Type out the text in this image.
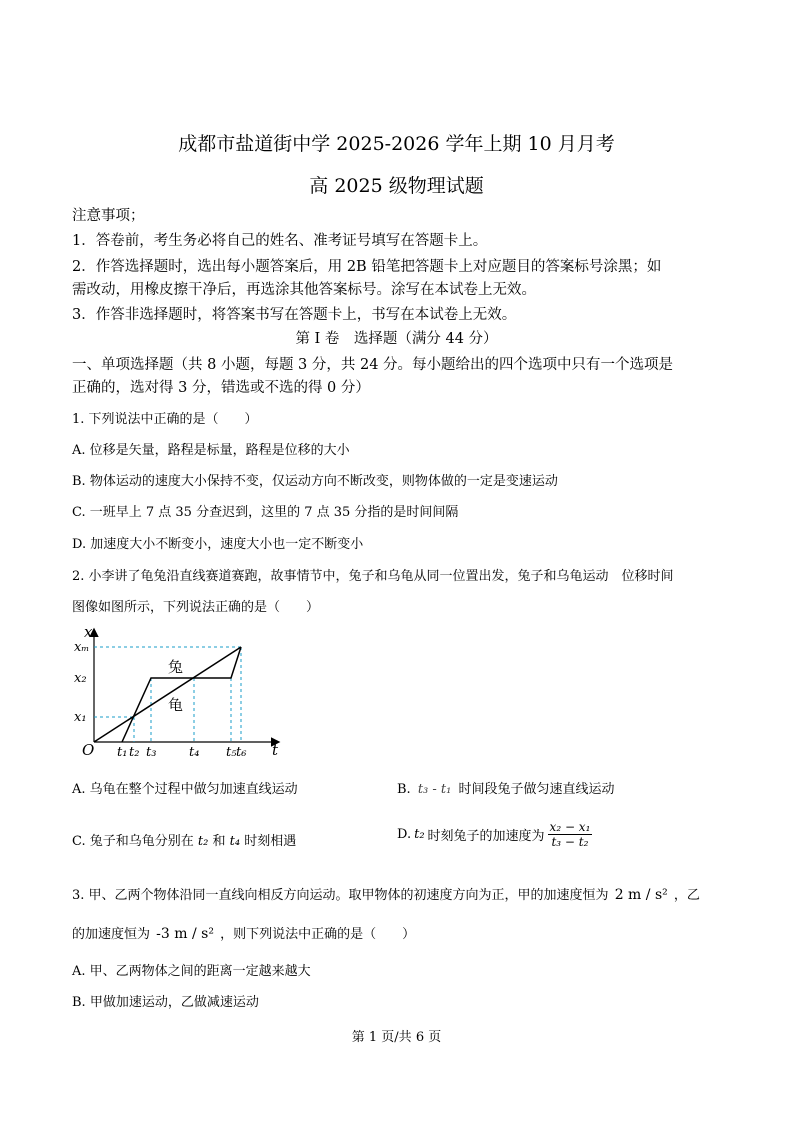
成都市盐道街中学 2025-2026 学年上期 10 月月考
高 2025 级物理试题
注意事项；
1．答卷前，考生务必将自己的姓名、准考证号填写在答题卡上。
2．作答选择题时，选出每小题答案后，用 2B 铅笔把答题卡上对应题目的答案标号涂黑；如
需改动，用橡皮擦干净后，再选涂其他答案标号。涂写在本试卷上无效。
3．作答非选择题时，将答案书写在答题卡上，书写在本试卷上无效。
第 I 卷　选择题（满分 44 分）
一、单项选择题（共 8 小题，每题 3 分，共 24 分。每小题给出的四个选项中只有一个选项是
正确的，选对得 3 分，错选或不选的得 0 分）
1. 下列说法中正确的是（　　）
A. 位移是矢量，路程是标量，路程是位移的大小
B. 物体运动的速度大小保持不变，仅运动方向不断改变，则物体做的一定是变速运动
C. 一班早上 7 点 35 分查迟到，这里的 7 点 35 分指的是时间间隔
D. 加速度大小不断变小，速度大小也一定不断变小
2. 小李讲了龟兔沿直线赛道赛跑，故事情节中，兔子和乌龟从同一位置出发，兔子和乌龟运动　位移时间
图像如图所示，下列说法正确的是（　　）
t₁ t₂ t₃	t₄ t₅ t₆
x₁
x₂
xₘ
O
x
t
兔
龟
A. 乌龟在整个过程中做匀加速直线运动	B. t₃ - t₁ 时间段兔子做匀速直线运动
C. 兔子和乌龟分别在 t₂ 和 t₄ 时刻相遇	D. t₂ 时刻兔子的加速度为 $\frac{\text{x₂ − x₁}}{\text{t₃ − t₂}}$
3. 甲、乙两个物体沿同一直线向相反方向运动。取甲物体的初速度方向为正，甲的加速度恒为 2 m / s² ，乙
的加速度恒为 -3 m / s² ，则下列说法中正确的是（　　）
A. 甲、乙两物体之间的距离一定越来越大
B. 甲做加速运动，乙做减速运动
第 1 页/共 6 页
